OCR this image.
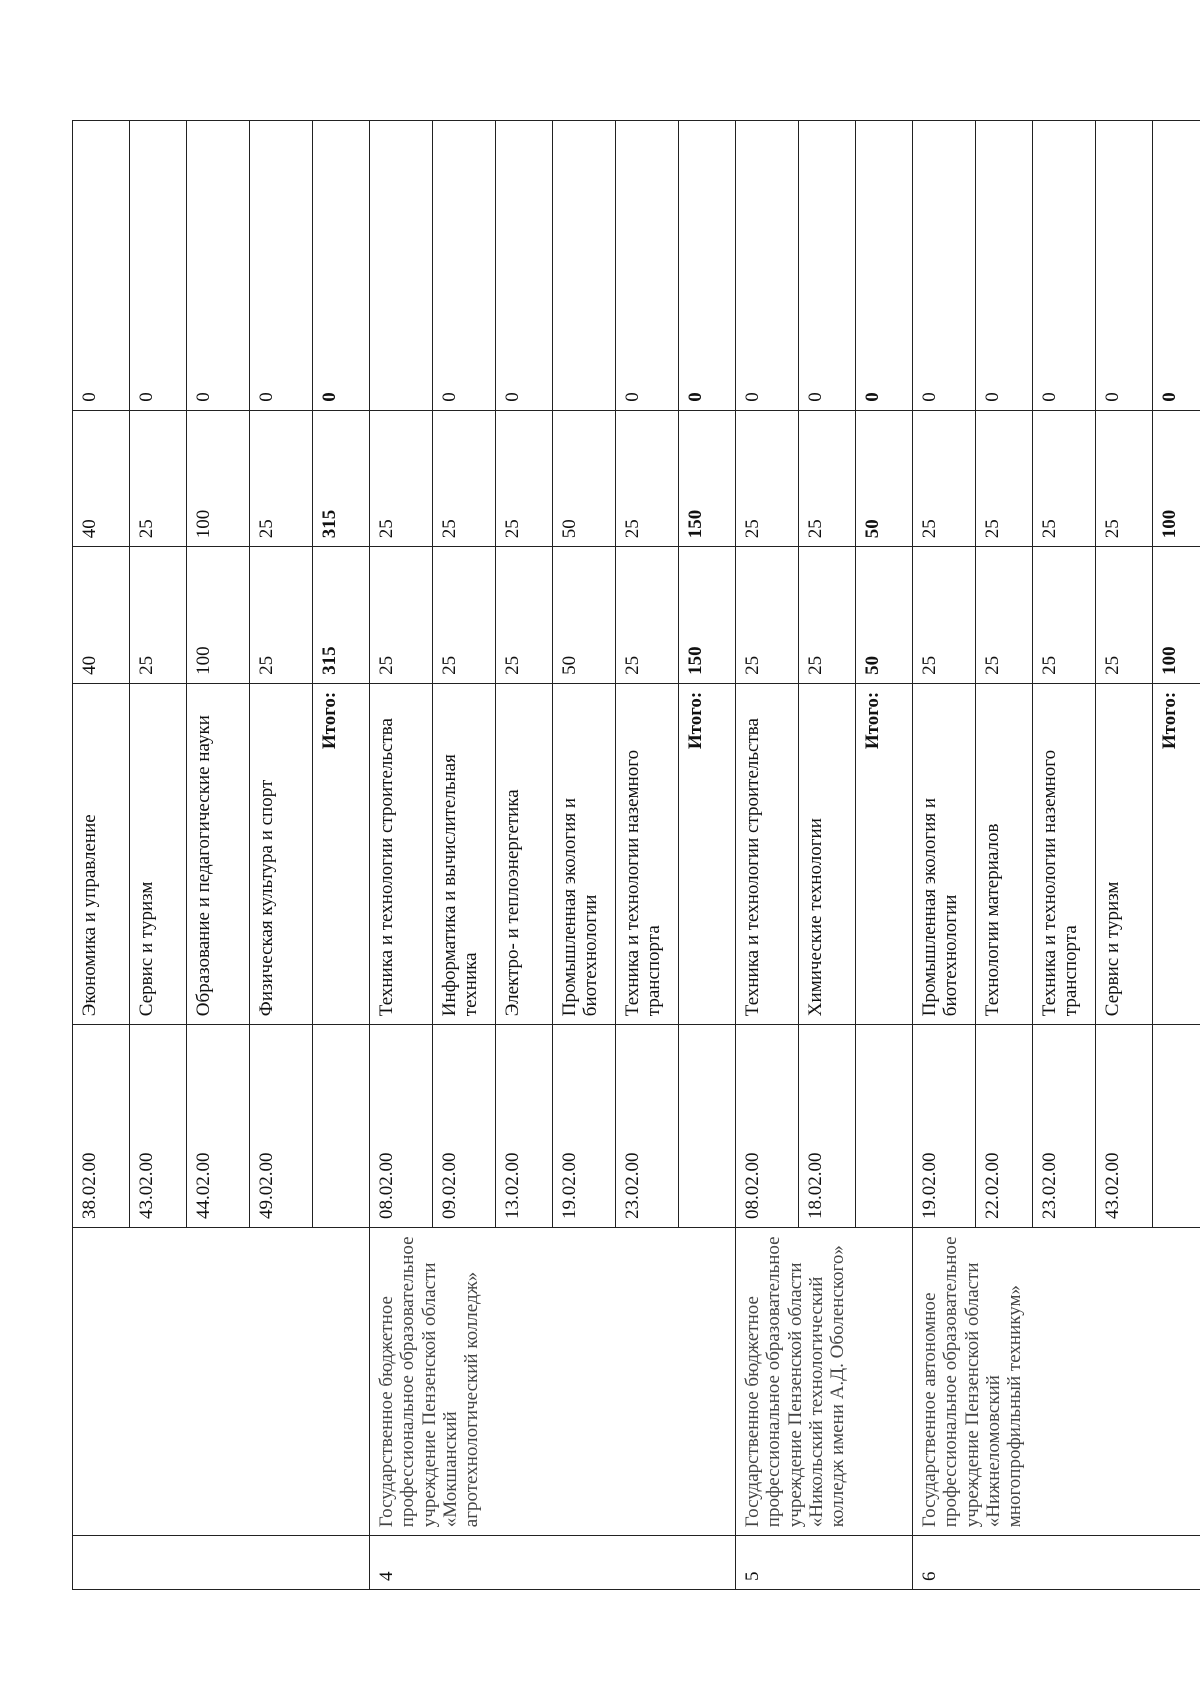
		38.02.00	Экономика и управление	40	40	0
		43.02.00	Сервис и туризм	25	25	0
		44.02.00	Образование и педагогические науки	100	100	0
		49.02.00	Физическая культура и спорт	25	25	0
			Итого:	315	315	0
4	Государственное бюджетное профессиональное образовательное учреждение Пензенской области «Мокшанский агротехнологический колледж»	08.02.00	Техника и технологии строительства	25	25	
		09.02.00	Информатика и вычислительная техника	25	25	0
		13.02.00	Электро- и теплоэнергетика	25	25	0
		19.02.00	Промышленная экология и биотехнологии	50	50	
		23.02.00	Техника и технологии наземного транспорта	25	25	0
			Итого:	150	150	0
5	Государственное бюджетное профессиональное образовательное учреждение Пензенской области «Никольский технологический колледж имени А.Д. Оболенского»	08.02.00	Техника и технологии строительства	25	25	0
		18.02.00	Химические технологии	25	25	0
			Итого:	50	50	0
6	Государственное автономное профессиональное образовательное учреждение Пензенской области «Нижнеломовский многопрофильный техникум»	19.02.00	Промышленная экология и биотехнологии	25	25	0
		22.02.00	Технологии материалов	25	25	0
		23.02.00	Техника и технологии наземного транспорта	25	25	0
		43.02.00	Сервис и туризм	25	25	0
			Итого:	100	100	0
